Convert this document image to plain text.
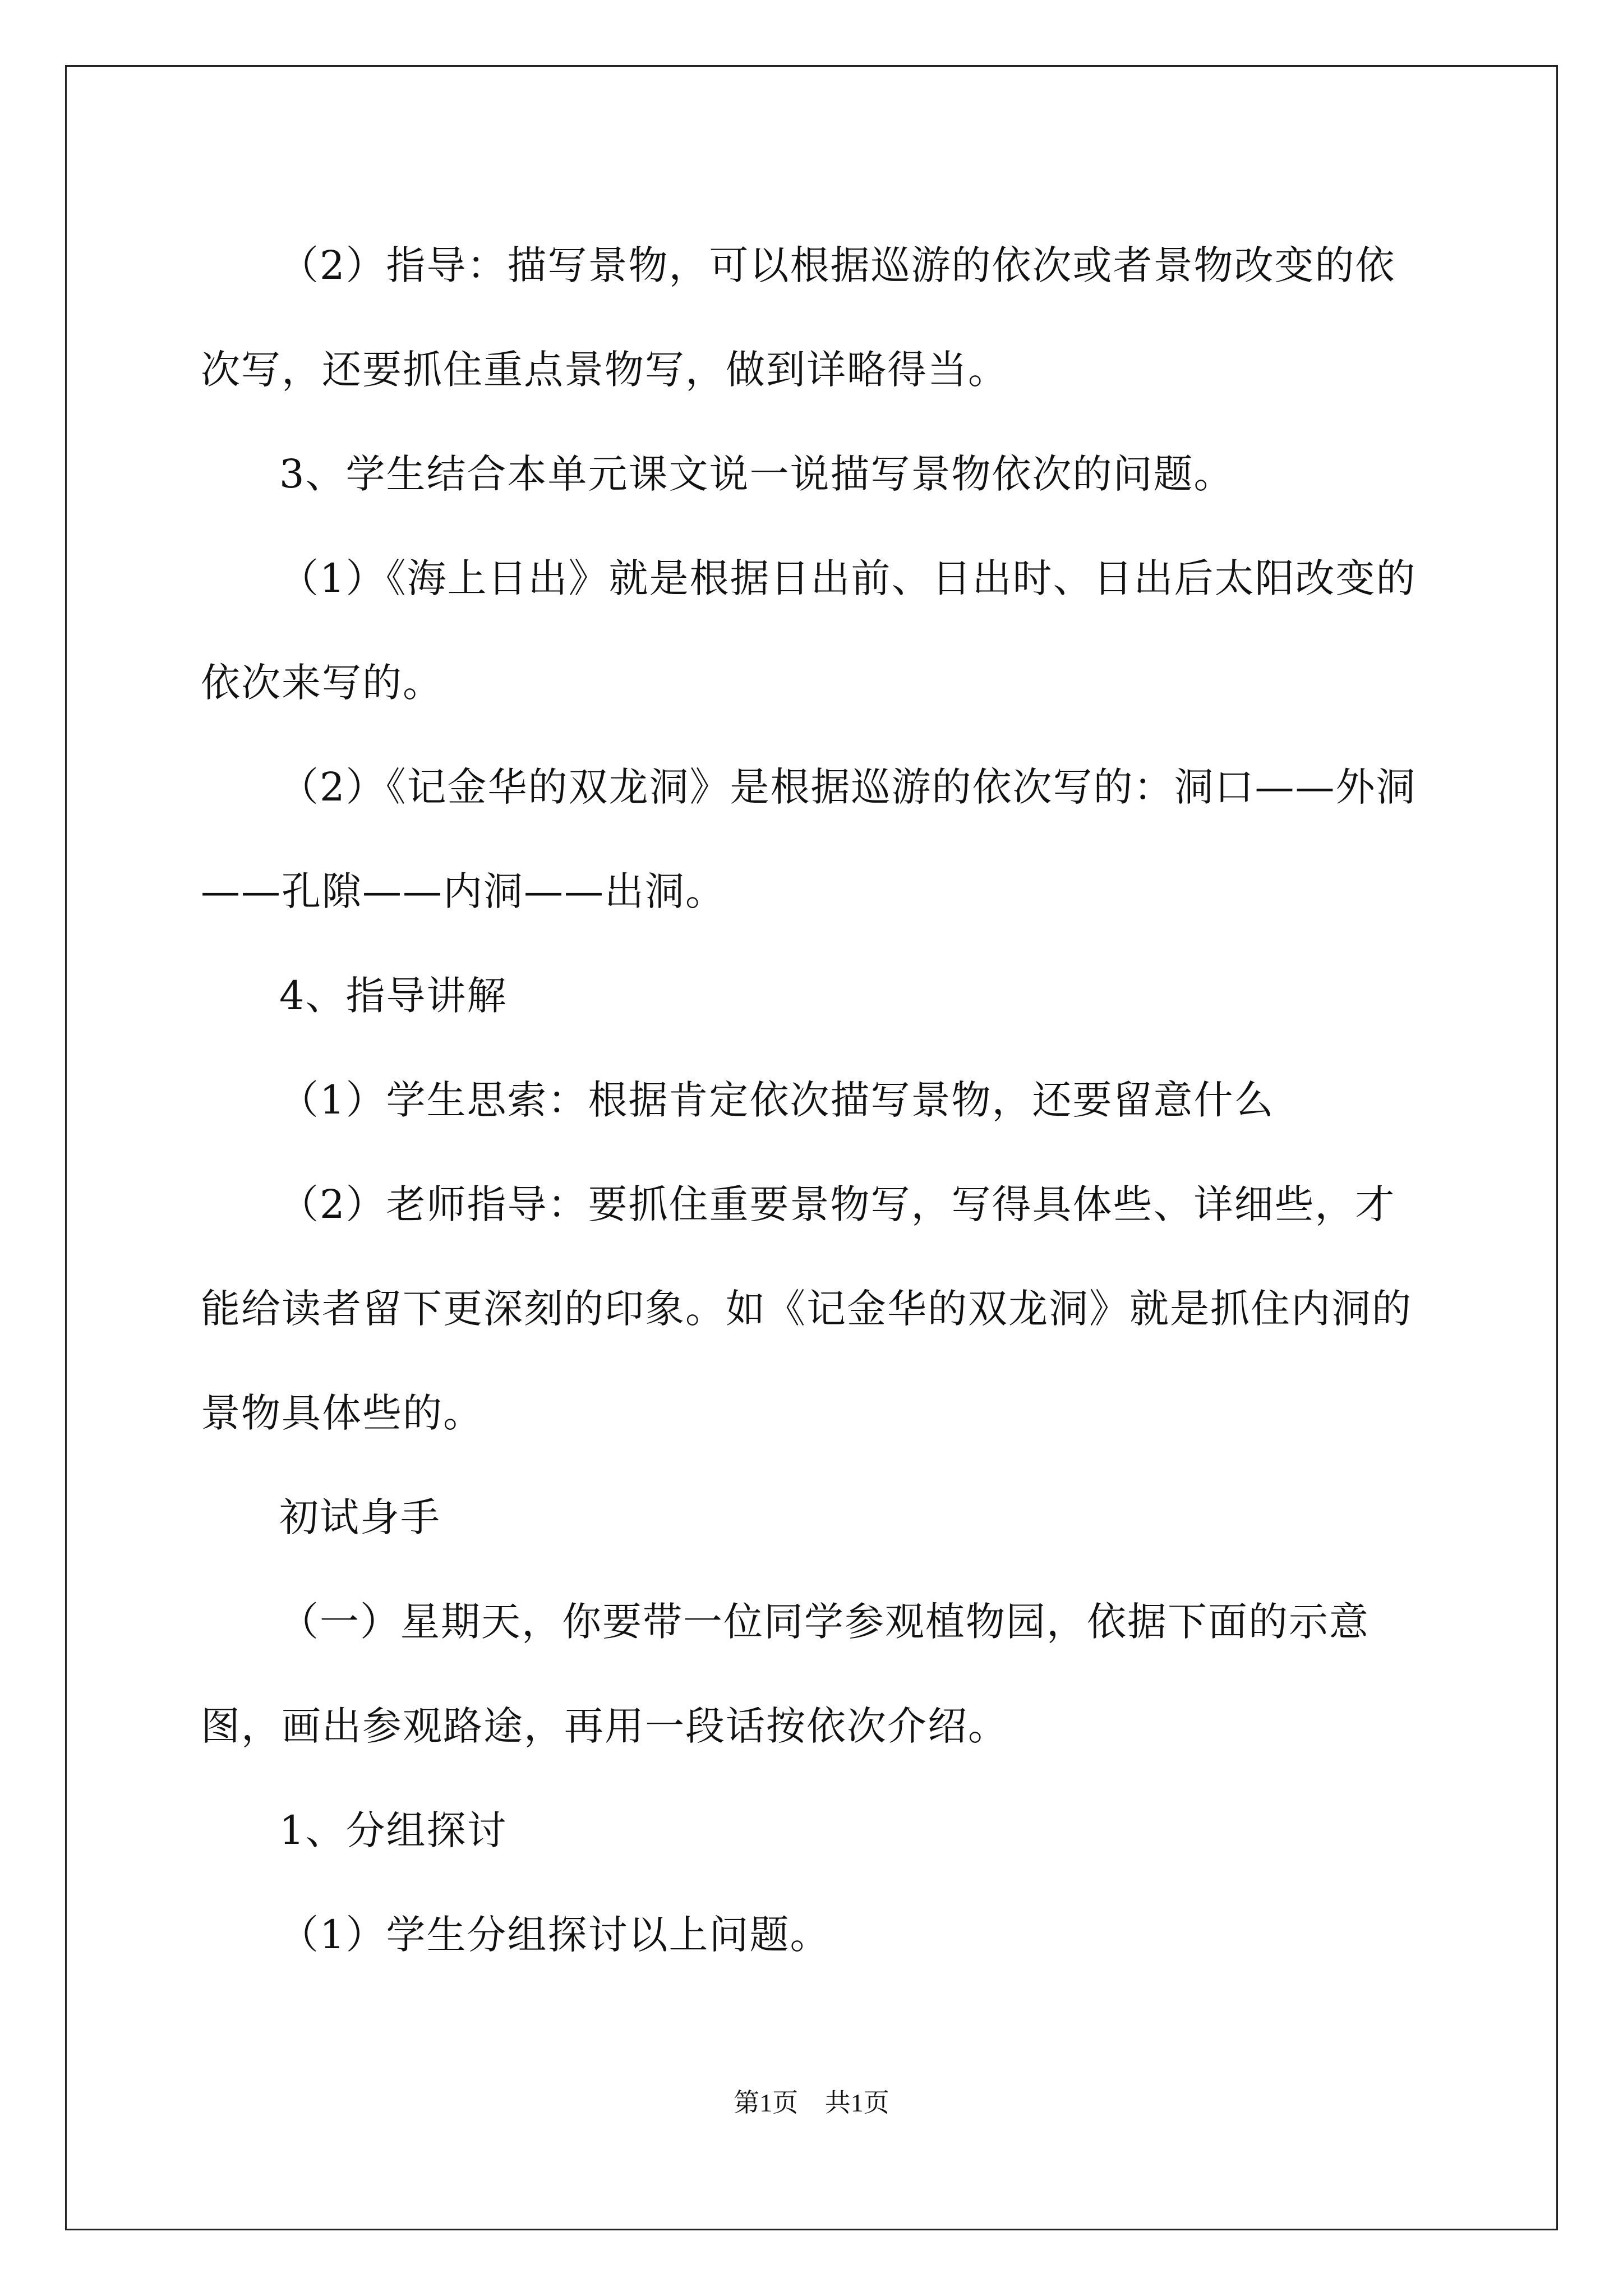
（2）指导：描写景物，可以根据巡游的依次或者景物改变的依次写，还要抓住重点景物写，做到详略得当。

3、学生结合本单元课文说一说描写景物依次的问题。

（1）《海上日出》就是根据日出前、日出时、日出后太阳改变的依次来写的。

（2）《记金华的双龙洞》是根据巡游的依次写的：洞口——外洞——孔隙——内洞——出洞。

4、指导讲解

（1）学生思索：根据肯定依次描写景物，还要留意什么

（2）老师指导：要抓住重要景物写，写得具体些、详细些，才能给读者留下更深刻的印象。如《记金华的双龙洞》就是抓住内洞的景物具体些的。

初试身手

（一）星期天，你要带一位同学参观植物园，依据下面的示意图，画出参观路途，再用一段话按依次介绍。

1、分组探讨

（1）学生分组探讨以上问题。

第1页 共1页
